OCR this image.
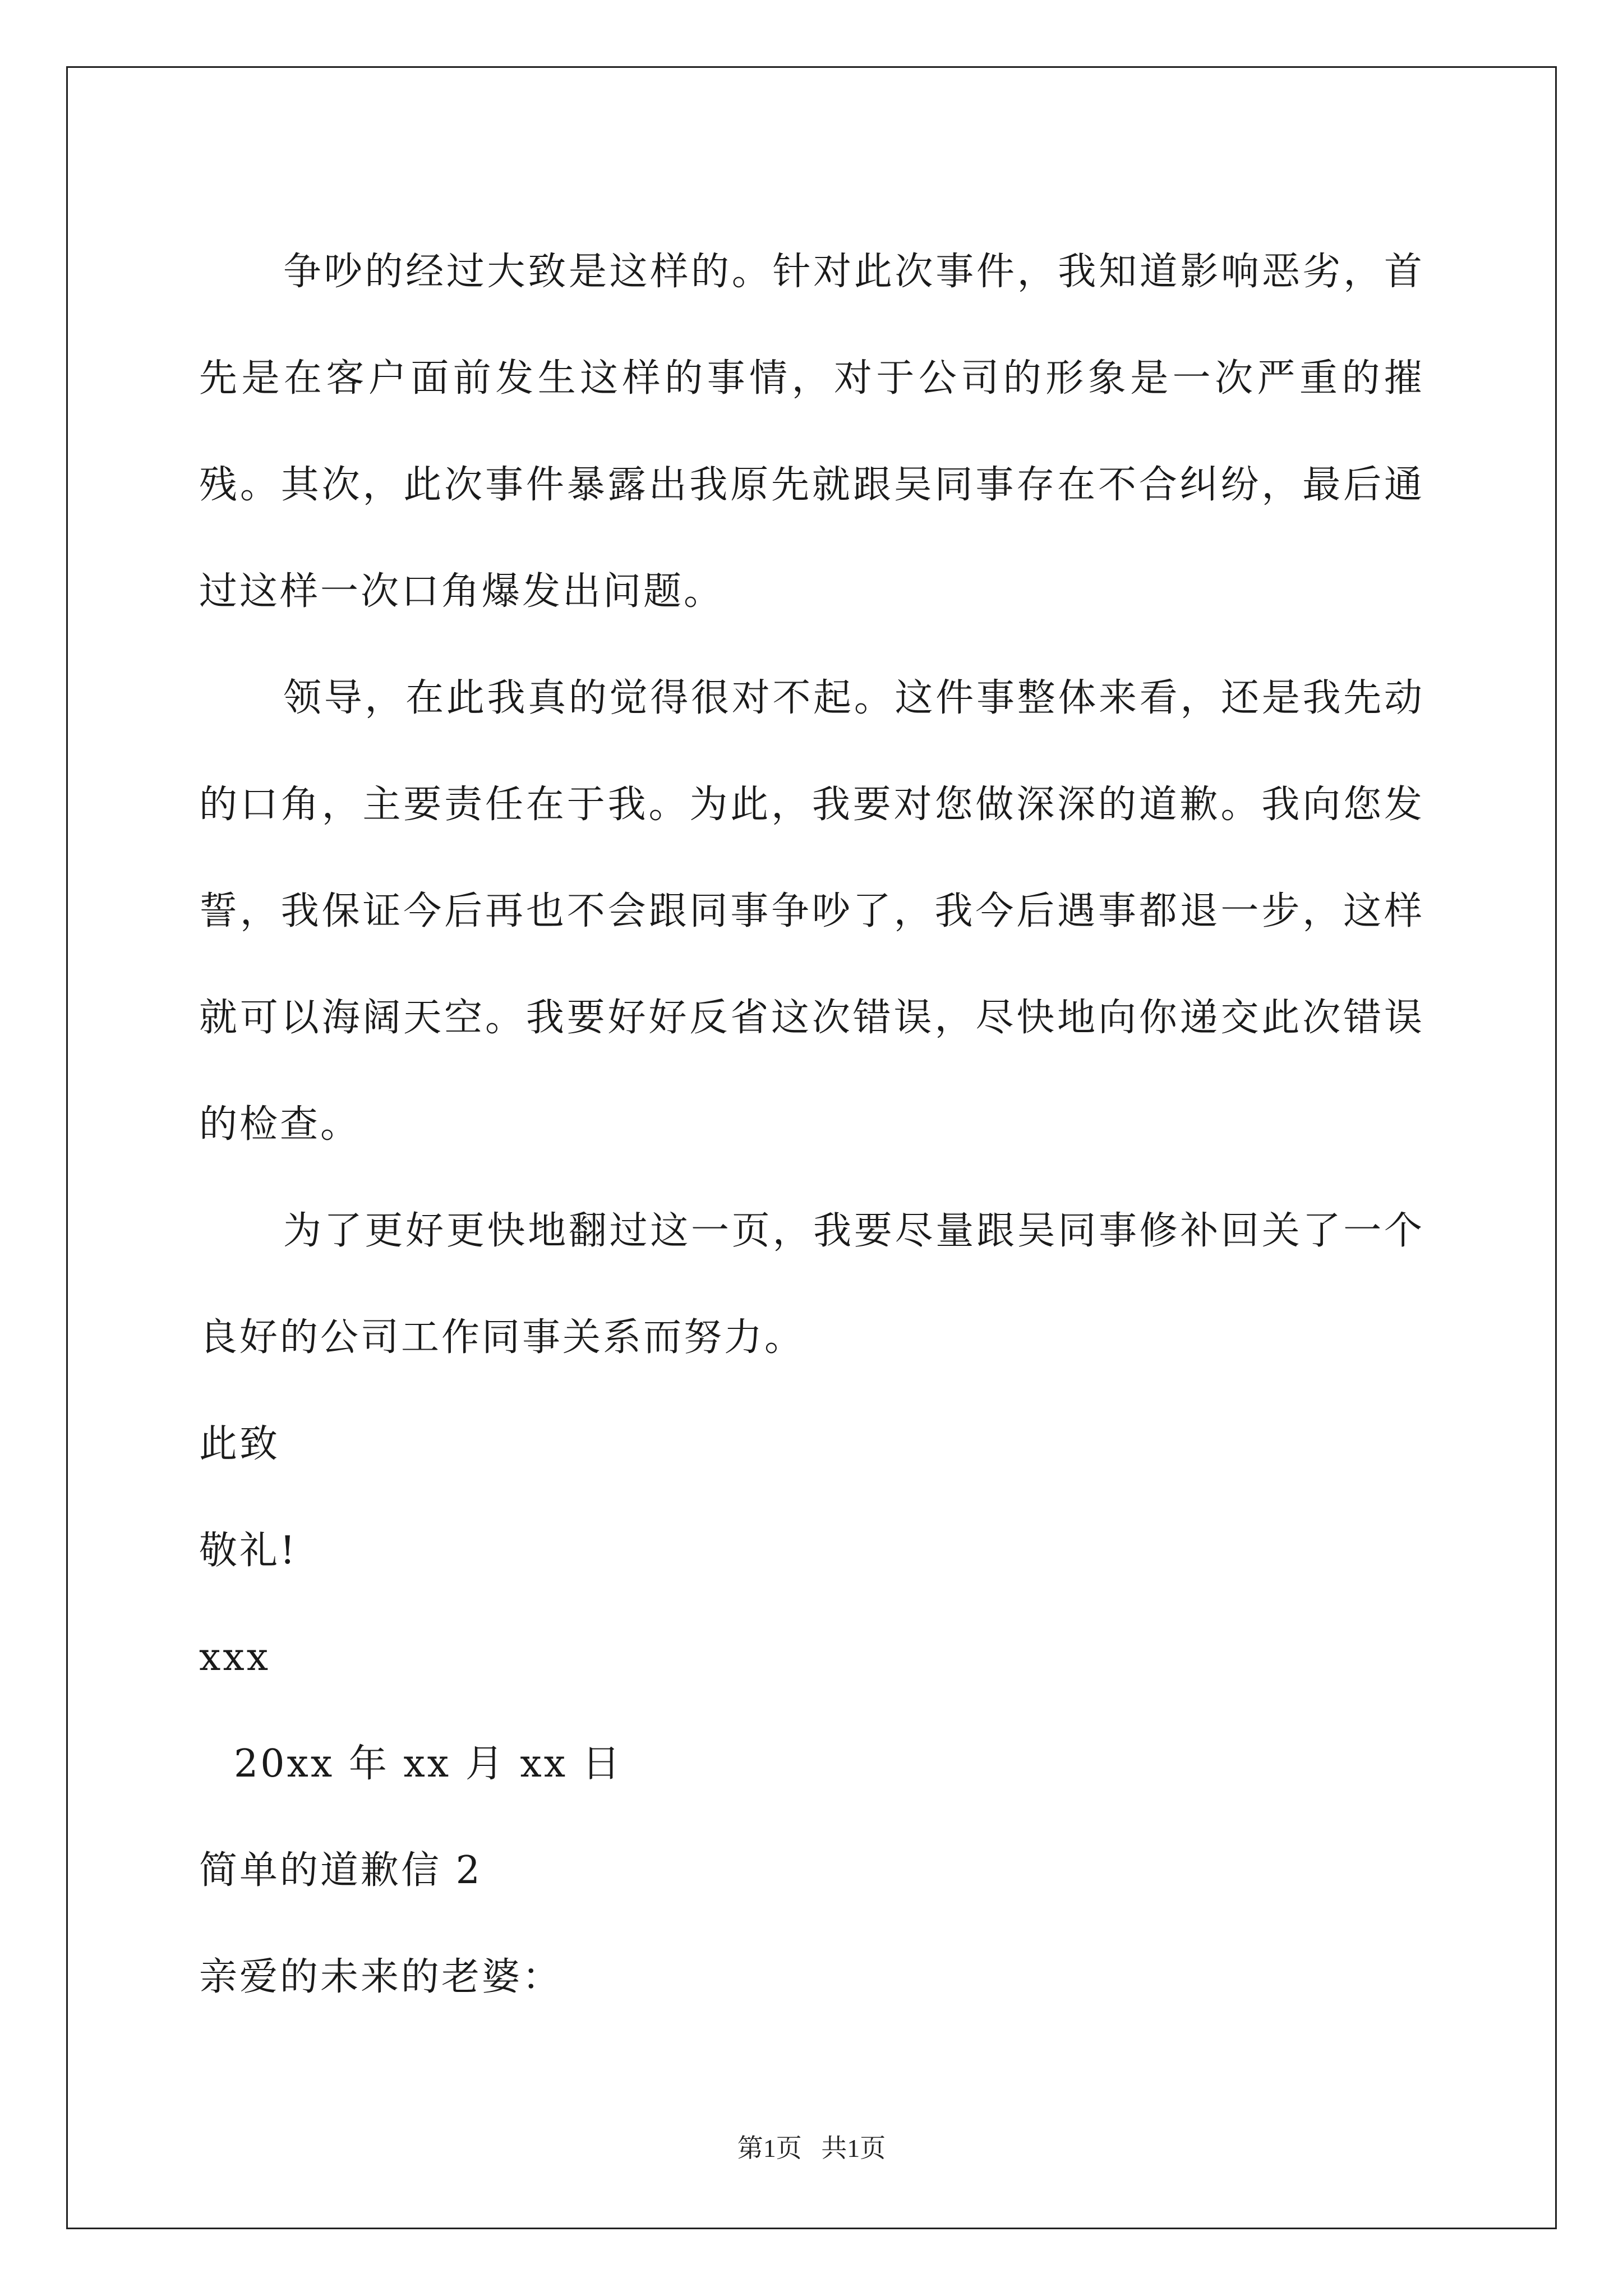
争吵的经过大致是这样的。针对此次事件，我知道影响恶劣，首先是在客户面前发生这样的事情，对于公司的形象是一次严重的摧残。其次，此次事件暴露出我原先就跟吴同事存在不合纠纷，最后通过这样一次口角爆发出问题。

领导，在此我真的觉得很对不起。这件事整体来看，还是我先动的口角，主要责任在于我。为此，我要对您做深深的道歉。我向您发誓，我保证今后再也不会跟同事争吵了，我今后遇事都退一步，这样就可以海阔天空。我要好好反省这次错误，尽快地向你递交此次错误的检查。

为了更好更快地翻过这一页，我要尽量跟吴同事修补回关了一个良好的公司工作同事关系而努力。

此致

敬礼!

xxx

20xx 年 xx 月 xx 日

简单的道歉信 2

亲爱的未来的老婆：

第1页 共1页
